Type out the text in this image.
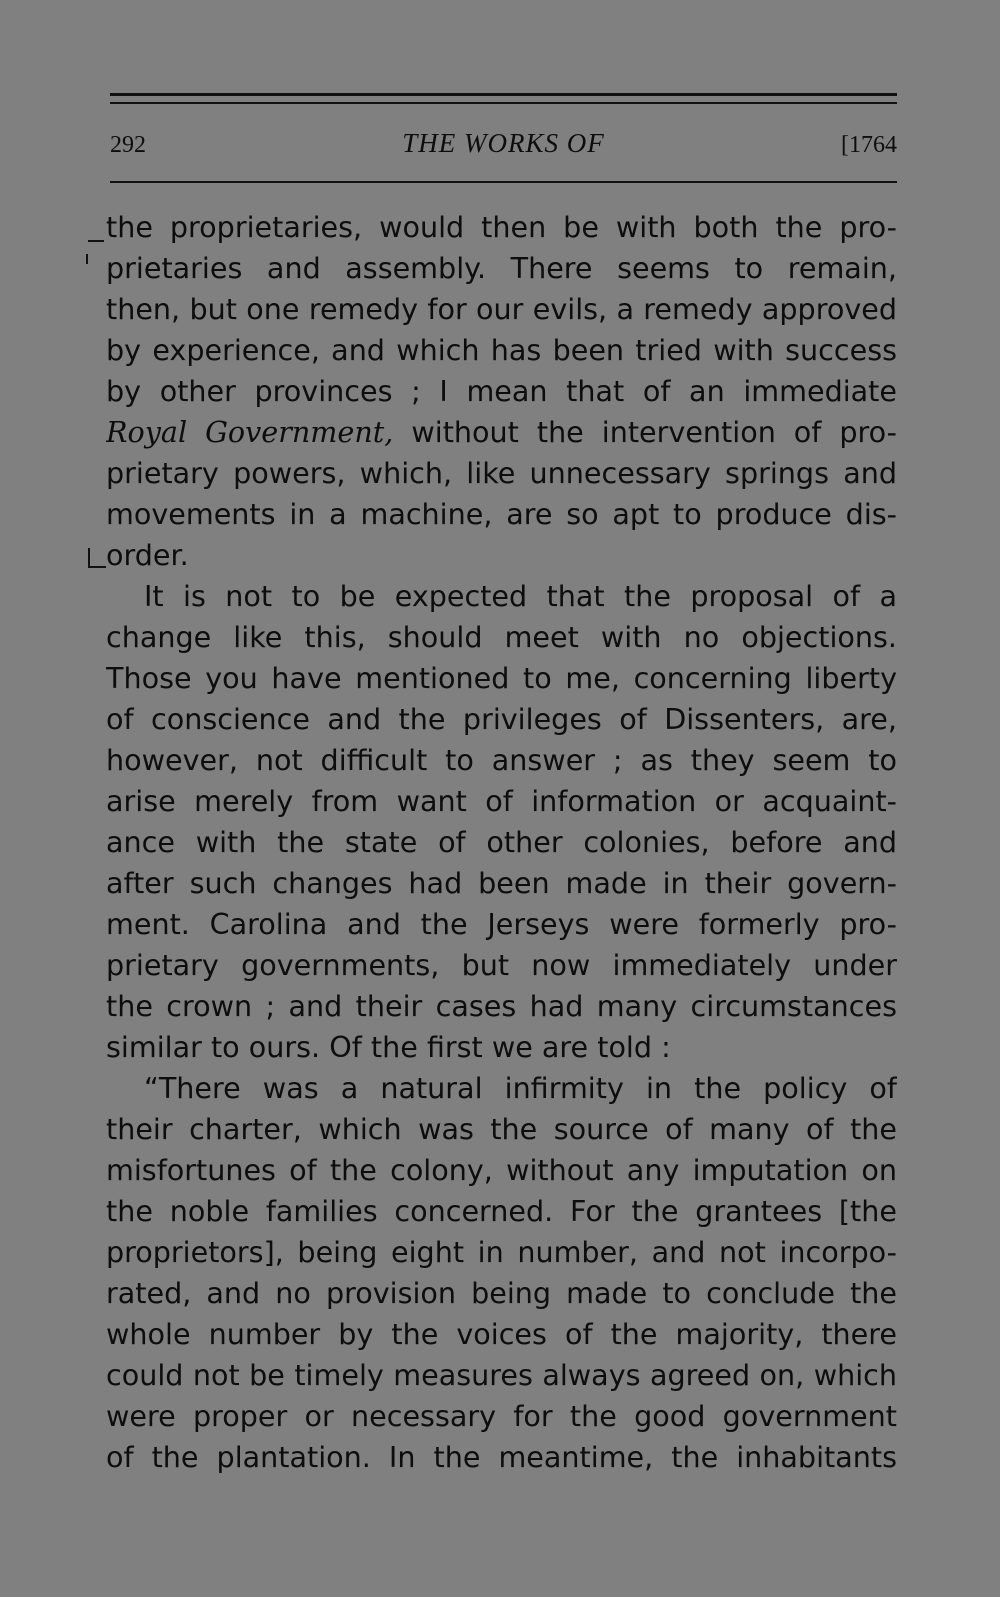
292	THE WORKS OF	[1764
the proprietaries, would then be with both the pro-
prietaries and assembly. There seems to remain,
then, but one remedy for our evils, a remedy approved
by experience, and which has been tried with success
by other provinces ; I mean that of an immediate
Royal Government, without the intervention of pro-
prietary powers, which, like unnecessary springs and
movements in a machine, are so apt to produce dis-
order.
It is not to be expected that the proposal of a
change like this, should meet with no objections.
Those you have mentioned to me, concerning liberty
of conscience and the privileges of Dissenters, are,
however, not difficult to answer ; as they seem to
arise merely from want of information or acquaint-
ance with the state of other colonies, before and
after such changes had been made in their govern-
ment. Carolina and the Jerseys were formerly pro-
prietary governments, but now immediately under
the crown ; and their cases had many circumstances
similar to ours. Of the first we are told :
“There was a natural infirmity in the policy of
their charter, which was the source of many of the
misfortunes of the colony, without any imputation on
the noble families concerned. For the grantees [the
proprietors], being eight in number, and not incorpo-
rated, and no provision being made to conclude the
whole number by the voices of the majority, there
could not be timely measures always agreed on, which
were proper or necessary for the good government
of the plantation. In the meantime, the inhabitants
